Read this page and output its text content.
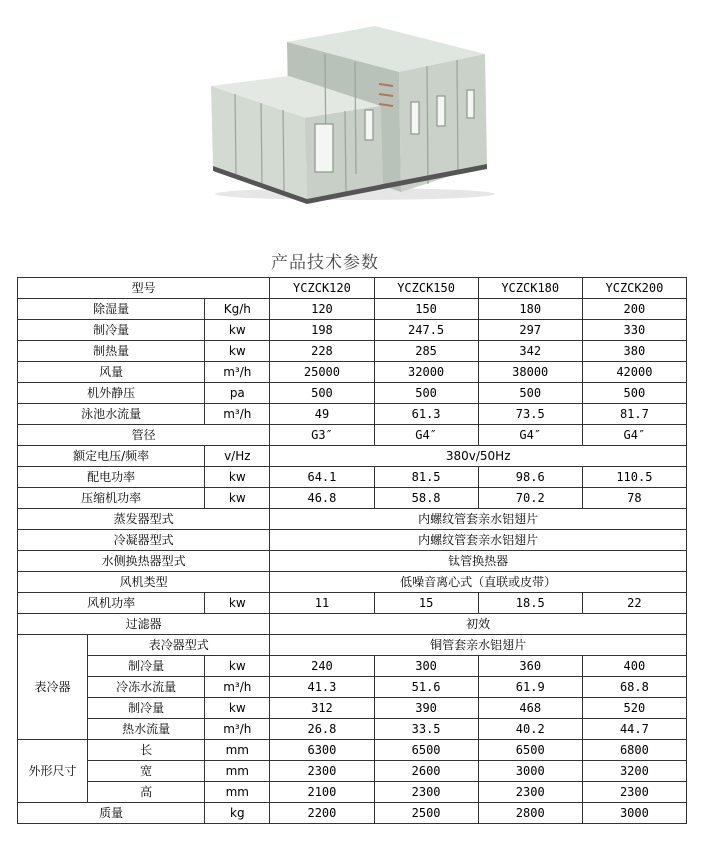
产品技术参数
型号			YCZCK120	YCZCK150	YCZCK180	YCZCK200
除湿量		Kg/h	120	150	180	200
制冷量		kw	198	247.5	297	330
制热量		kw	228	285	342	380
风量		m³/h	25000	32000	38000	42000
机外静压		pa	500	500	500	500
泳池水流量		m³/h	49	61.3	73.5	81.7
管径			G3″	G4″	G4″	G4″
额定电压/频率		v/Hz	380v/50Hz			
配电功率		kw	64.1	81.5	98.6	110.5
压缩机功率		kw	46.8	58.8	70.2	78
蒸发器型式			内螺纹管套亲水铝翅片			
冷凝器型式			内螺纹管套亲水铝翅片			
水侧换热器型式			钛管换热器			
风机类型			低噪音离心式（直联或皮带）			
风机功率		kw	11	15	18.5	22
过滤器			初效			
表冷器	表冷器型式		铜管套亲水铝翅片			
	制冷量	kw	240	300	360	400
	冷冻水流量	m³/h	41.3	51.6	61.9	68.8
	制冷量	kw	312	390	468	520
	热水流量	m³/h	26.8	33.5	40.2	44.7
外形尺寸	长	mm	6300	6500	6500	6800
	宽	mm	2300	2600	3000	3200
	高	mm	2100	2300	2300	2300
质量		kg	2200	2500	2800	3000
